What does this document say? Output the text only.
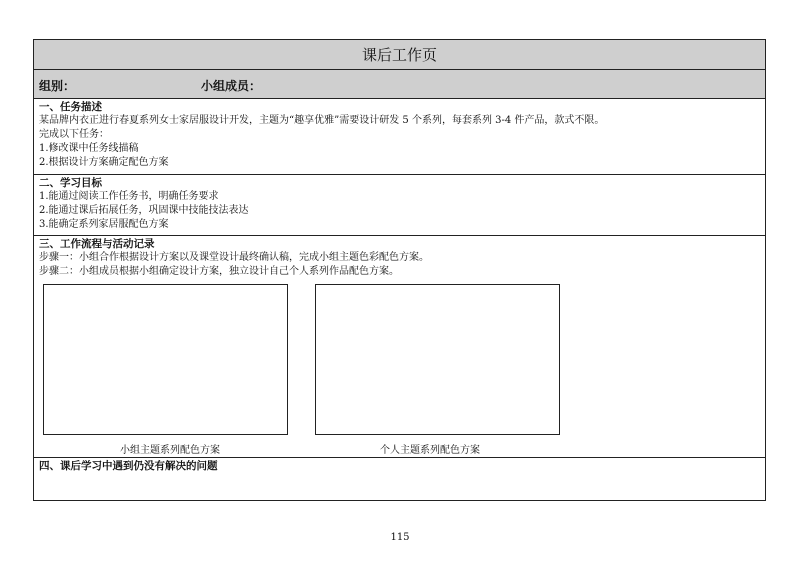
课后工作页
组别：	小组成员：
一、任务描述
某品牌内衣正进行春夏系列女士家居服设计开发，主题为“趣享优雅”需要设计研发 5 个系列，每套系列 3-4 件产品，款式不限。
完成以下任务：
1.修改课中任务线描稿
2.根据设计方案确定配色方案
二、学习目标
1.能通过阅读工作任务书，明确任务要求
2.能通过课后拓展任务，巩固课中技能技法表达
3.能确定系列家居服配色方案
三、工作流程与活动记录
步骤一：小组合作根据设计方案以及课堂设计最终确认稿，完成小组主题色彩配色方案。
步骤二：小组成员根据小组确定设计方案，独立设计自己个人系列作品配色方案。
小组主题系列配色方案	个人主题系列配色方案
四、课后学习中遇到仍没有解决的问题
115
